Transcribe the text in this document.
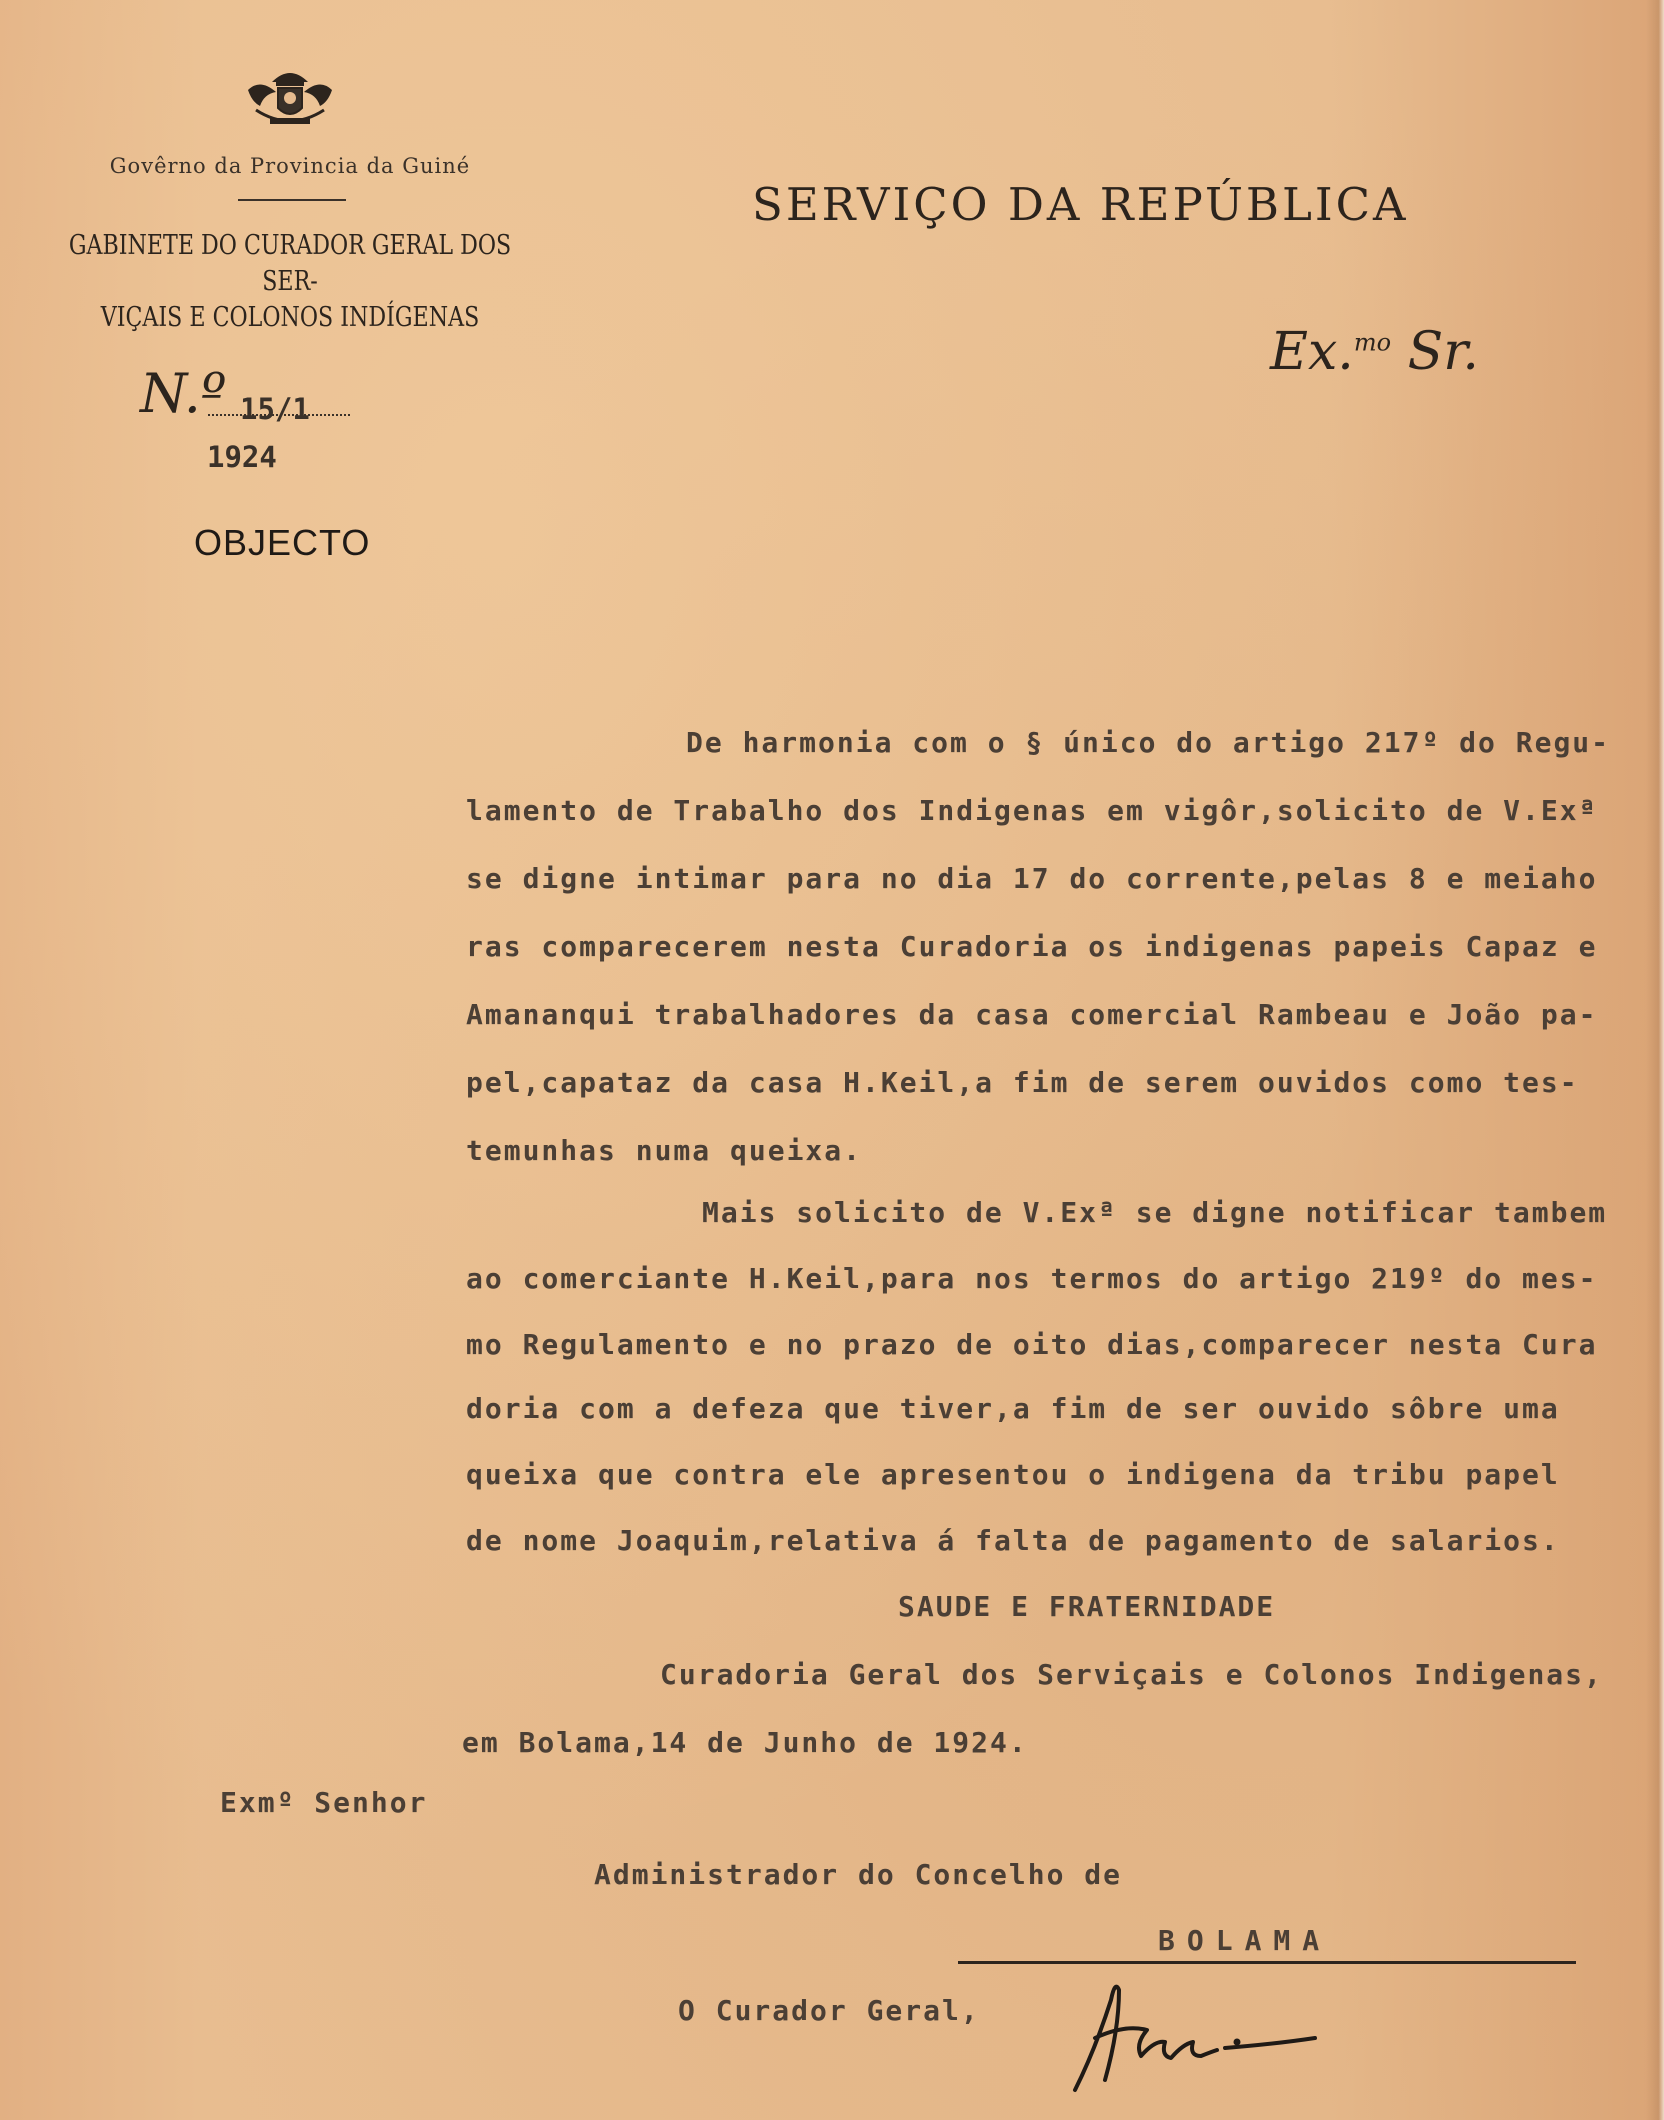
Govêrno da Provincia da Guiné
GABINETE DO CURADOR GERAL DOS SER-
VIÇAIS E COLONOS INDÍGENAS
N.º 15/1
1924
OBJECTO
SERVIÇO DA REPÚBLICA
Ex.$^{mo}$ Sr.
De harmonia com o § único do artigo 217º do Regu-
lamento de Trabalho dos Indigenas em vigôr,solicito de V.Exª
se digne intimar para no dia 17 do corrente,pelas 8 e meiaho
ras comparecerem nesta Curadoria os indigenas papeis Capaz e
Amananqui trabalhadores da casa comercial Rambeau e João pa-
pel,capataz da casa H.Keil,a fim de serem ouvidos como tes-
temunhas numa queixa.
Mais solicito de V.Exª se digne notificar tambem
ao comerciante H.Keil,para nos termos do artigo 219º do mes-
mo Regulamento e no prazo de oito dias,comparecer nesta Cura
doria com a defeza que tiver,a fim de ser ouvido sôbre uma
queixa que contra ele apresentou o indigena da tribu papel
de nome Joaquim,relativa á falta de pagamento de salarios.
SAUDE E FRATERNIDADE
Curadoria Geral dos Serviçais e Colonos Indigenas,
em Bolama,14 de Junho de 1924.
Exmº Senhor
Administrador do Concelho de
BOLAMA
O Curador Geral,
